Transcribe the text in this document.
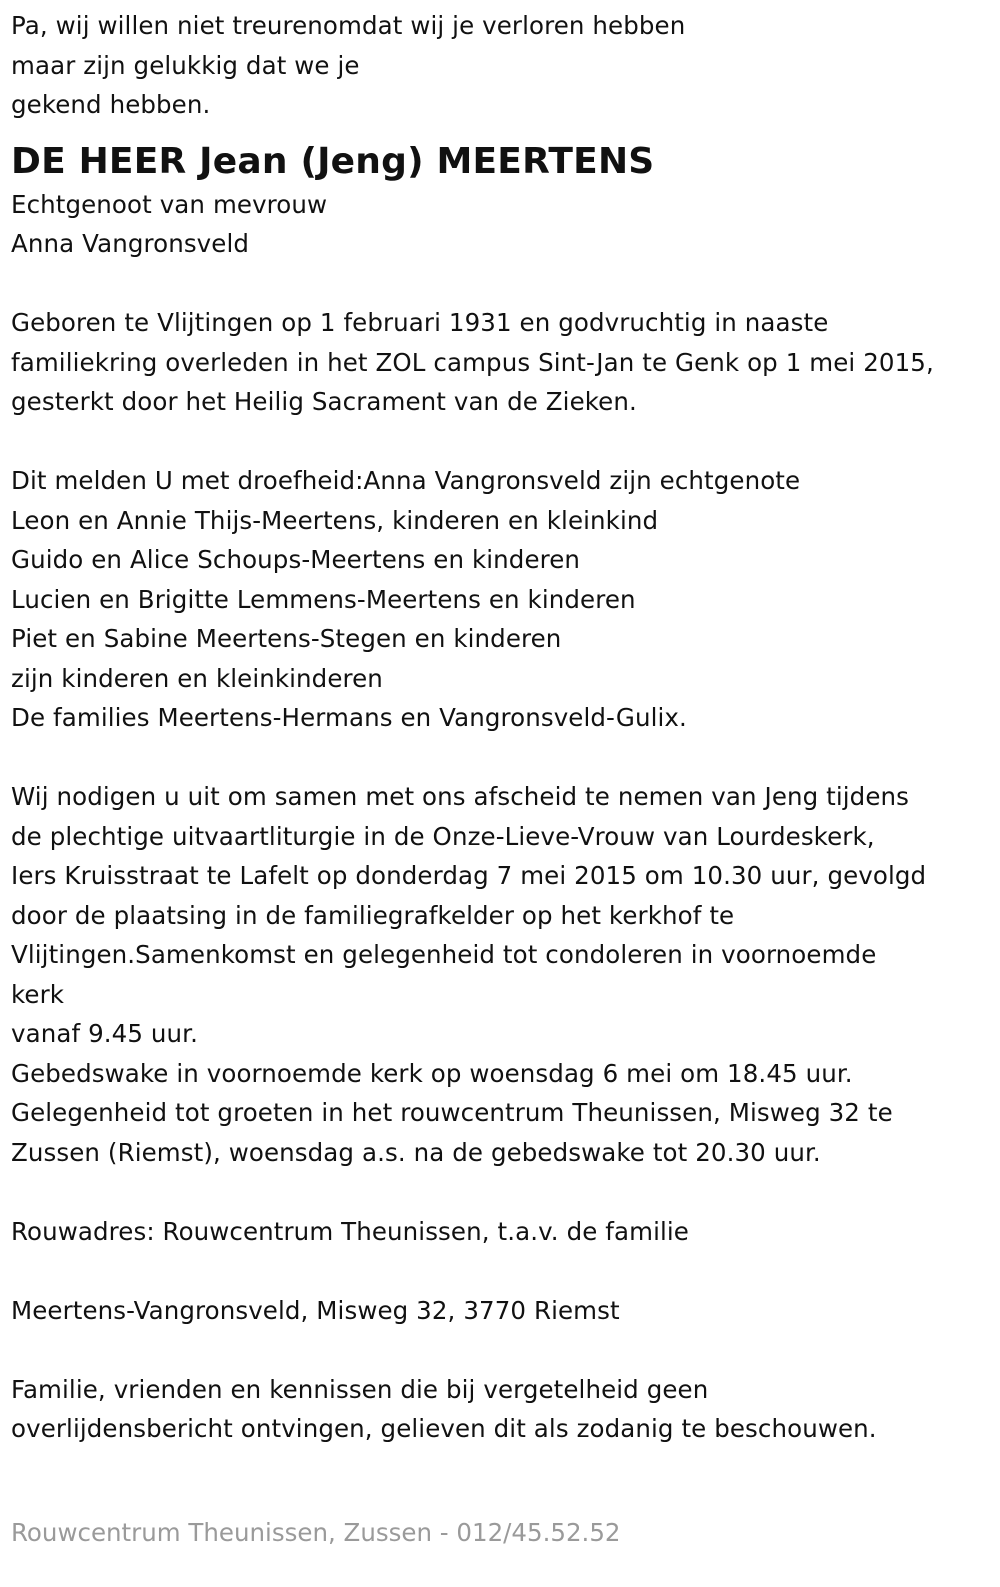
Pa, wij willen niet treurenomdat wij je verloren hebben
maar zijn gelukkig dat we je
gekend hebben.

DE HEER Jean (Jeng) MEERTENS

Echtgenoot van mevrouw
Anna Vangronsveld

Geboren te Vlijtingen op 1 februari 1931 en godvruchtig in naaste
familiekring overleden in het ZOL campus Sint-Jan te Genk op 1 mei 2015,
gesterkt door het Heilig Sacrament van de Zieken.

Dit melden U met droefheid:Anna Vangronsveld zijn echtgenote
Leon en Annie Thijs-Meertens, kinderen en kleinkind
Guido en Alice Schoups-Meertens en kinderen
Lucien en Brigitte Lemmens-Meertens en kinderen
Piet en Sabine Meertens-Stegen en kinderen
zijn kinderen en kleinkinderen
De families Meertens-Hermans en Vangronsveld-Gulix.

Wij nodigen u uit om samen met ons afscheid te nemen van Jeng tijdens
de plechtige uitvaartliturgie in de Onze-Lieve-Vrouw van Lourdeskerk,
Iers Kruisstraat te Lafelt op donderdag 7 mei 2015 om 10.30 uur, gevolgd
door de plaatsing in de familiegrafkelder op het kerkhof te
Vlijtingen.Samenkomst en gelegenheid tot condoleren in voornoemde
kerk
vanaf 9.45 uur.
Gebedswake in voornoemde kerk op woensdag 6 mei om 18.45 uur.
Gelegenheid tot groeten in het rouwcentrum Theunissen, Misweg 32 te
Zussen (Riemst), woensdag a.s. na de gebedswake tot 20.30 uur.

Rouwadres: Rouwcentrum Theunissen, t.a.v. de familie

Meertens-Vangronsveld, Misweg 32, 3770 Riemst

Familie, vrienden en kennissen die bij vergetelheid geen
overlijdensbericht ontvingen, gelieven dit als zodanig te beschouwen.

Rouwcentrum Theunissen, Zussen - 012/45.52.52
